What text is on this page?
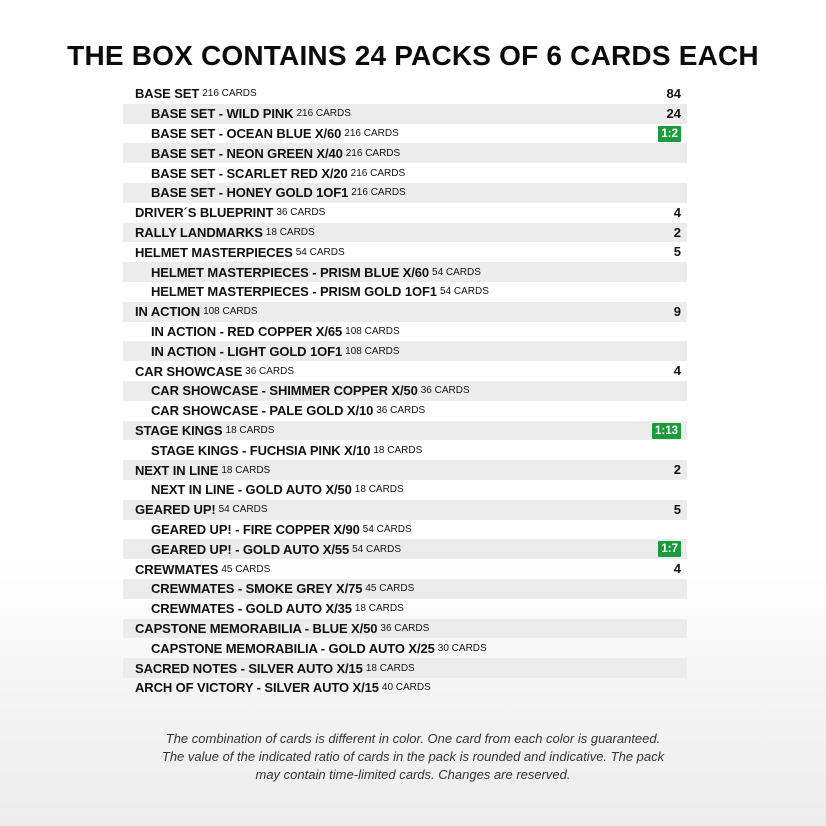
THE BOX CONTAINS 24 PACKS OF 6 CARDS EACH
BASE SET 216 CARDS	84
BASE SET - WILD PINK 216 CARDS	24
BASE SET - OCEAN BLUE X/60 216 CARDS	1:2
BASE SET - NEON GREEN X/40 216 CARDS
BASE SET - SCARLET RED X/20 216 CARDS
BASE SET - HONEY GOLD 1OF1 216 CARDS
DRIVER´S BLUEPRINT 36 CARDS	4
RALLY LANDMARKS 18 CARDS	2
HELMET MASTERPIECES 54 CARDS	5
HELMET MASTERPIECES - PRISM BLUE X/60 54 CARDS
HELMET MASTERPIECES - PRISM GOLD 1OF1 54 CARDS
IN ACTION 108 CARDS	9
IN ACTION - RED COPPER X/65 108 CARDS
IN ACTION - LIGHT GOLD 1OF1 108 CARDS
CAR SHOWCASE 36 CARDS	4
CAR SHOWCASE - SHIMMER COPPER X/50 36 CARDS
CAR SHOWCASE - PALE GOLD X/10 36 CARDS
STAGE KINGS 18 CARDS	1:13
STAGE KINGS - FUCHSIA PINK X/10 18 CARDS
NEXT IN LINE 18 CARDS	2
NEXT IN LINE - GOLD AUTO X/50 18 CARDS
GEARED UP! 54 CARDS	5
GEARED UP! - FIRE COPPER X/90 54 CARDS
GEARED UP! - GOLD AUTO X/55 54 CARDS	1:7
CREWMATES 45 CARDS	4
CREWMATES - SMOKE GREY X/75 45 CARDS
CREWMATES - GOLD AUTO X/35 18 CARDS
CAPSTONE MEMORABILIA - BLUE X/50 36 CARDS
CAPSTONE MEMORABILIA - GOLD AUTO X/25 30 CARDS
SACRED NOTES - SILVER AUTO X/15 18 CARDS
ARCH OF VICTORY - SILVER AUTO X/15 40 CARDS
The combination of cards is different in color. One card from each color is guaranteed.
The value of the indicated ratio of cards in the pack is rounded and indicative. The pack
may contain time-limited cards. Changes are reserved.
